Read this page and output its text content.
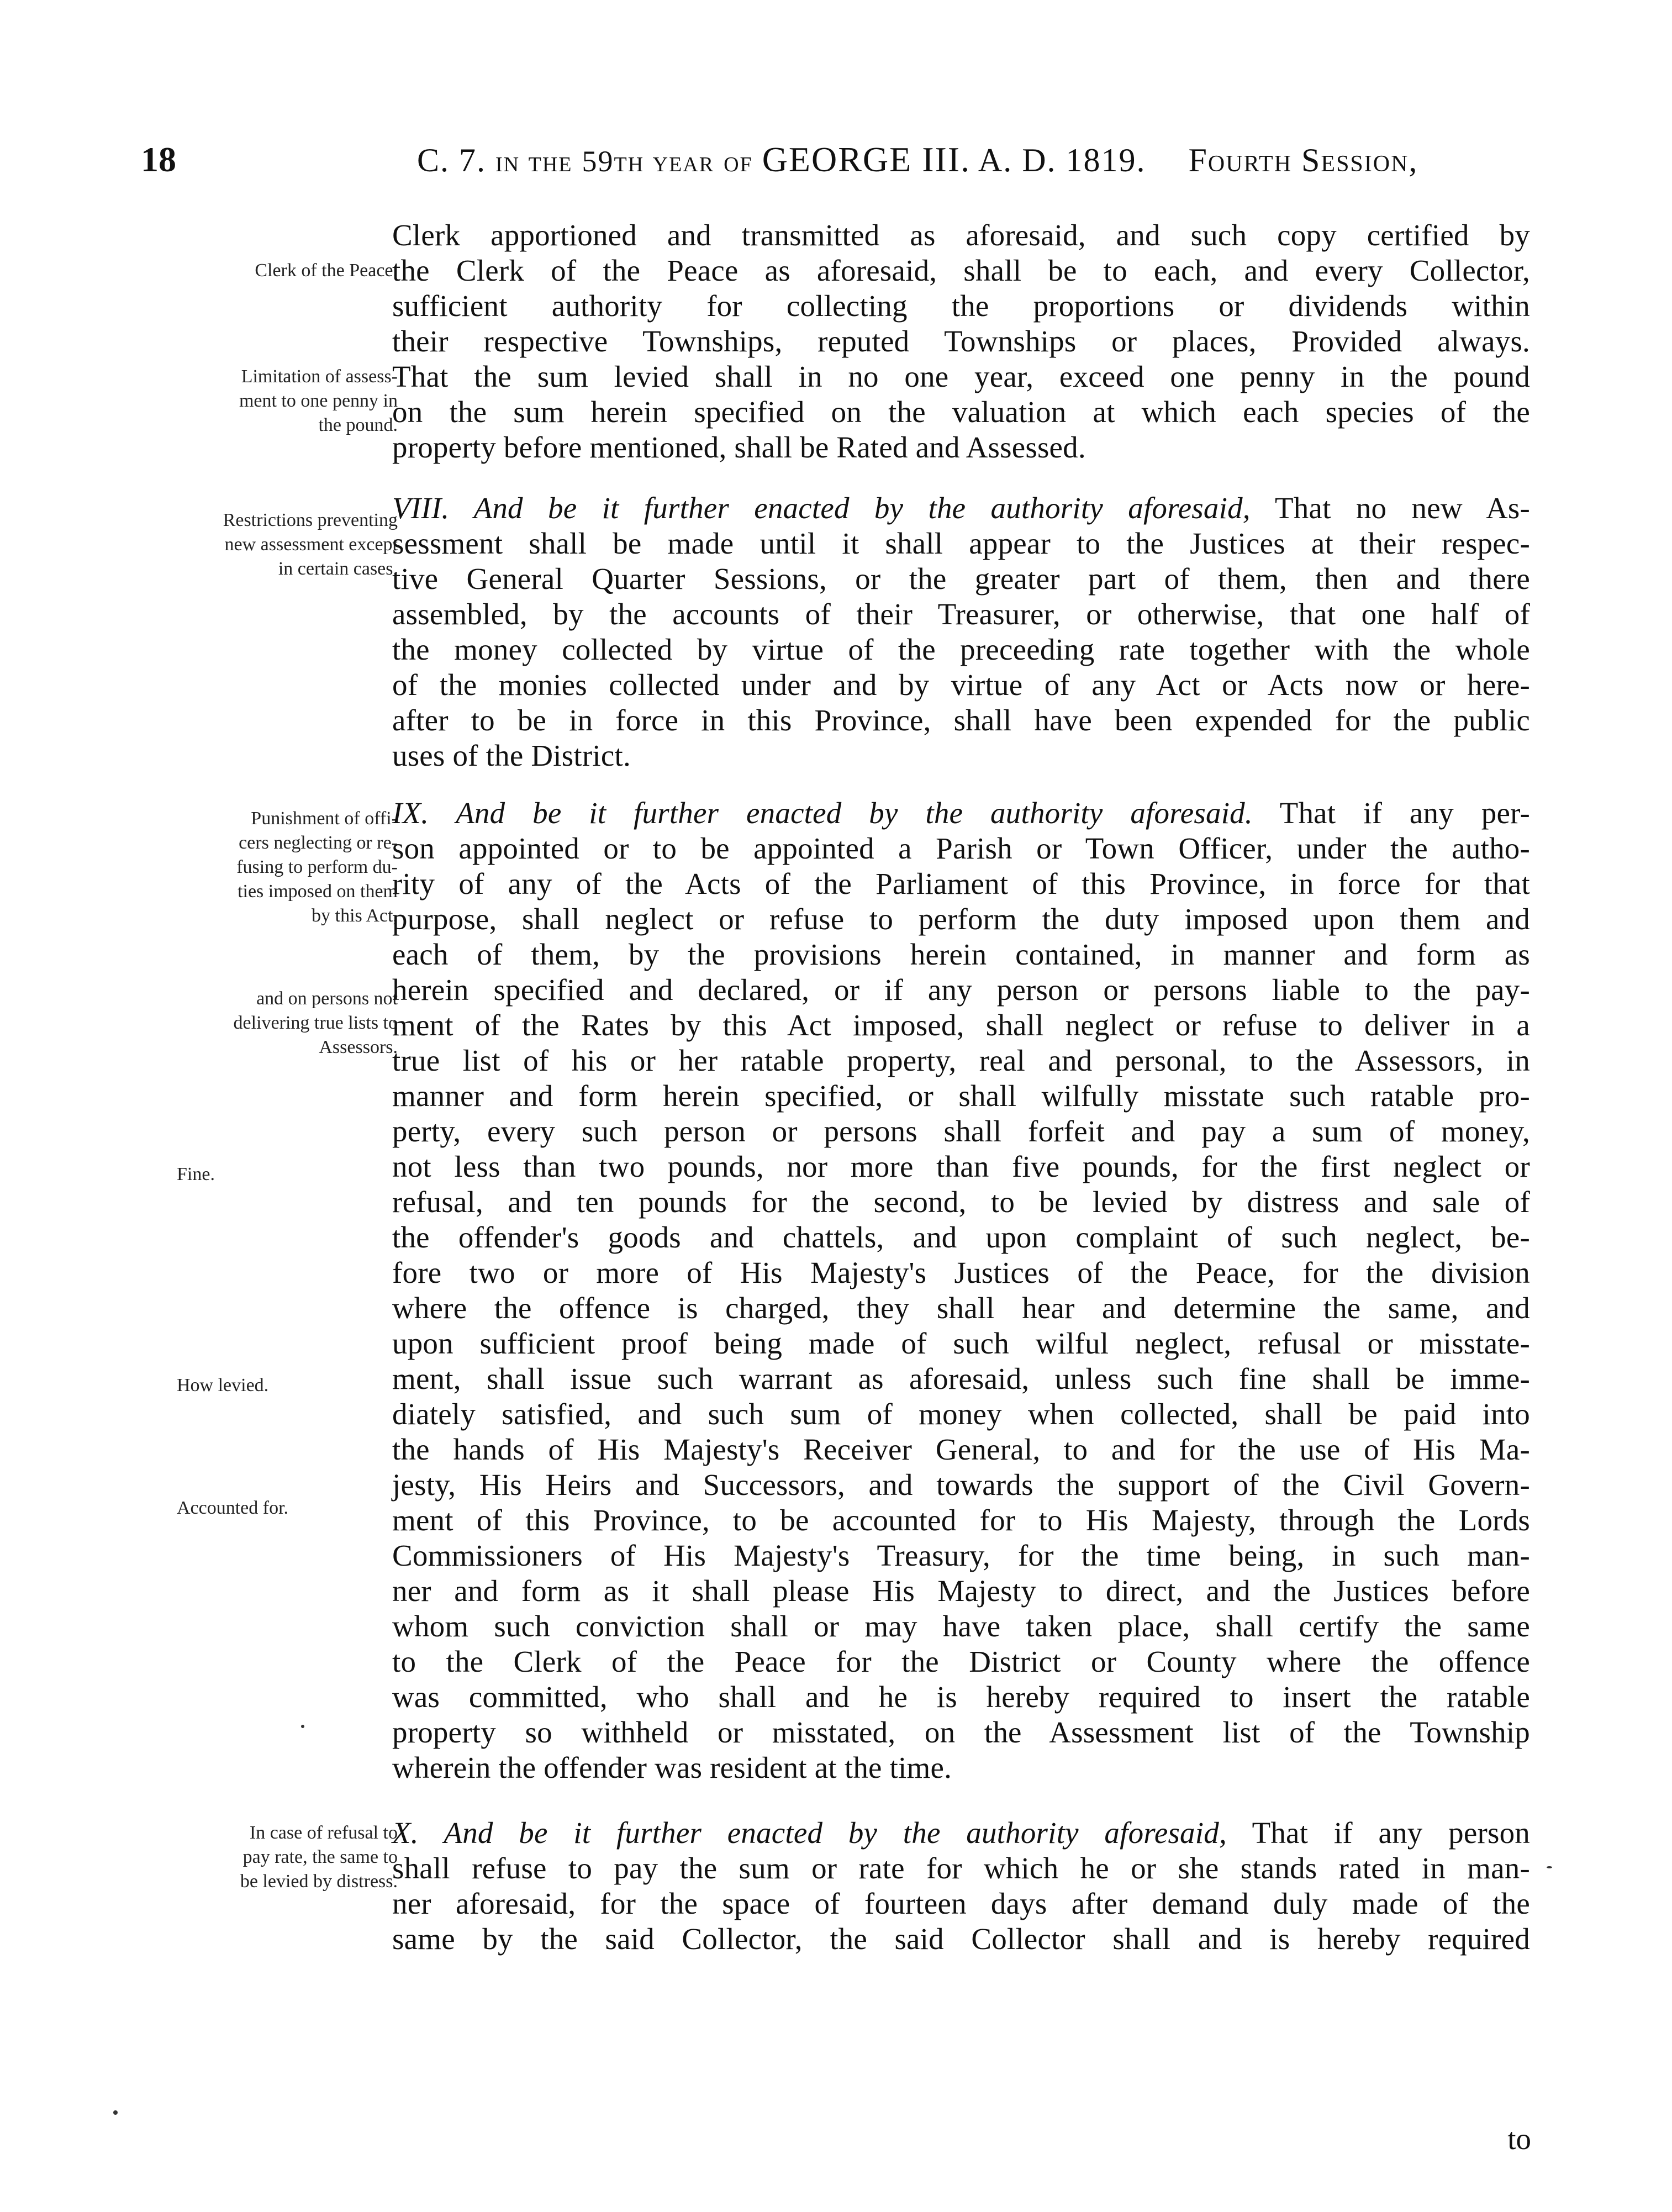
18	C. 7. in the 59th year of GEORGE III. A. D. 1819. Fourth Session,
Clerk of the Peace.
Limitation of assess-
ment to one penny in
the pound.
Restrictions preventing
new assessment except
in certain cases.
Punishment of offi-
cers neglecting or re-
fusing to perform du-
ties imposed on them
by this Act,
and on persons not
delivering true lists to
Assessors.
Fine.
How levied.
Accounted for.
In case of refusal to
pay rate, the same to
be levied by distress.
Clerk apportioned and transmitted as aforesaid, and such copy certified by
the Clerk of the Peace as aforesaid, shall be to each, and every Collector,
sufficient authority for collecting the proportions or dividends within
their respective Townships, reputed Townships or places, Provided always.
That the sum levied shall in no one year, exceed one penny in the pound
on the sum herein specified on the valuation at which each species of the
property before mentioned, shall be Rated and Assessed.
VIII. And be it further enacted by the authority aforesaid, That no new As-
sessment shall be made until it shall appear to the Justices at their respec-
tive General Quarter Sessions, or the greater part of them, then and there
assembled, by the accounts of their Treasurer, or otherwise, that one half of
the money collected by virtue of the preceeding rate together with the whole
of the monies collected under and by virtue of any Act or Acts now or here-
after to be in force in this Province, shall have been expended for the public
uses of the District.
IX. And be it further enacted by the authority aforesaid. That if any per-
son appointed or to be appointed a Parish or Town Officer, under the autho-
rity of any of the Acts of the Parliament of this Province, in force for that
purpose, shall neglect or refuse to perform the duty imposed upon them and
each of them, by the provisions herein contained, in manner and form as
herein specified and declared, or if any person or persons liable to the pay-
ment of the Rates by this Act imposed, shall neglect or refuse to deliver in a
true list of his or her ratable property, real and personal, to the Assessors, in
manner and form herein specified, or shall wilfully misstate such ratable pro-
perty, every such person or persons shall forfeit and pay a sum of money,
not less than two pounds, nor more than five pounds, for the first neglect or
refusal, and ten pounds for the second, to be levied by distress and sale of
the offender's goods and chattels, and upon complaint of such neglect, be-
fore two or more of His Majesty's Justices of the Peace, for the division
where the offence is charged, they shall hear and determine the same, and
upon sufficient proof being made of such wilful neglect, refusal or misstate-
ment, shall issue such warrant as aforesaid, unless such fine shall be imme-
diately satisfied, and such sum of money when collected, shall be paid into
the hands of His Majesty's Receiver General, to and for the use of His Ma-
jesty, His Heirs and Successors, and towards the support of the Civil Govern-
ment of this Province, to be accounted for to His Majesty, through the Lords
Commissioners of His Majesty's Treasury, for the time being, in such man-
ner and form as it shall please His Majesty to direct, and the Justices before
whom such conviction shall or may have taken place, shall certify the same
to the Clerk of the Peace for the District or County where the offence
was committed, who shall and he is hereby required to insert the ratable
property so withheld or misstated, on the Assessment list of the Township
wherein the offender was resident at the time.
X. And be it further enacted by the authority aforesaid, That if any person
shall refuse to pay the sum or rate for which he or she stands rated in man-
ner aforesaid, for the space of fourteen days after demand duly made of the
same by the said Collector, the said Collector shall and is hereby required
to
